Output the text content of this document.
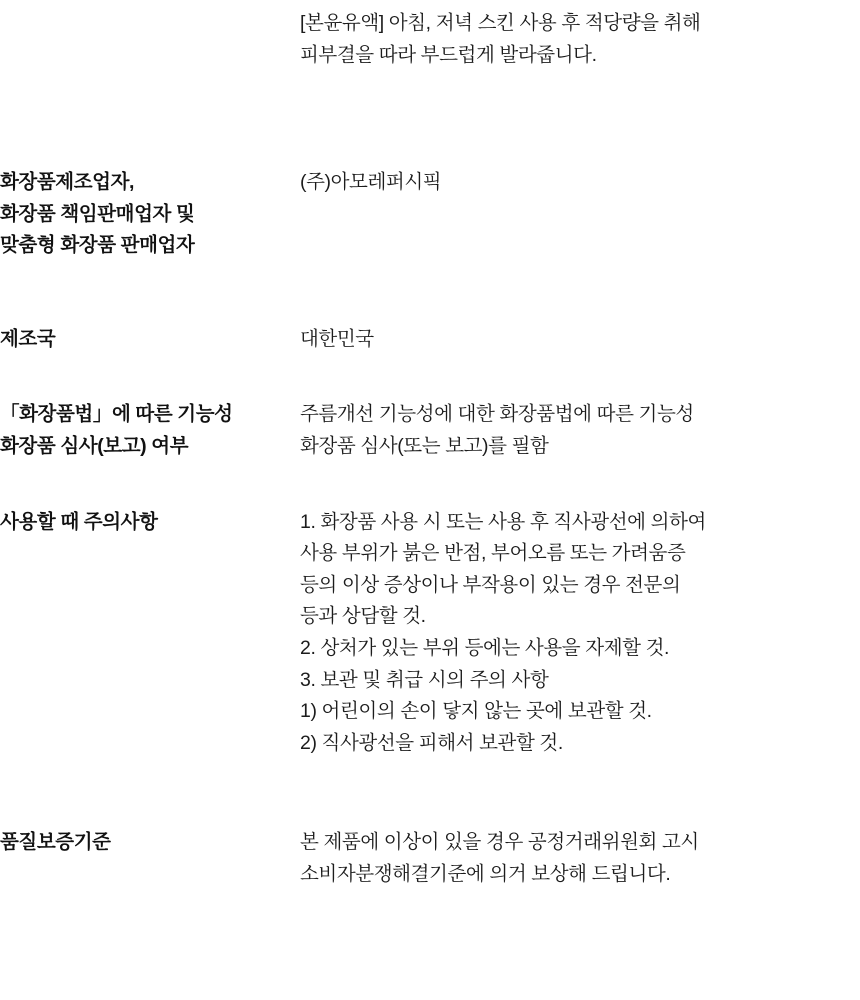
	[본윤유액] 아침, 저녁 스킨 사용 후 적당량을 취해
피부결을 따라 부드럽게 발라줍니다.

화장품제조업자,
화장품 책임판매업자 및
맞춤형 화장품 판매업자	(주)아모레퍼시픽

제조국	대한민국

「화장품법」에 따른 기능성
화장품 심사(보고) 여부	주름개선 기능성에 대한 화장품법에 따른 기능성
화장품 심사(또는 보고)를 필함

사용할 때 주의사항	1. 화장품 사용 시 또는 사용 후 직사광선에 의하여
사용 부위가 붉은 반점, 부어오름 또는 가려움증
등의 이상 증상이나 부작용이 있는 경우 전문의
등과 상담할 것.
2. 상처가 있는 부위 등에는 사용을 자제할 것.
3. 보관 및 취급 시의 주의 사항
1) 어린이의 손이 닿지 않는 곳에 보관할 것.
2) 직사광선을 피해서 보관할 것.

품질보증기준	본 제품에 이상이 있을 경우 공정거래위원회 고시
소비자분쟁해결기준에 의거 보상해 드립니다.
